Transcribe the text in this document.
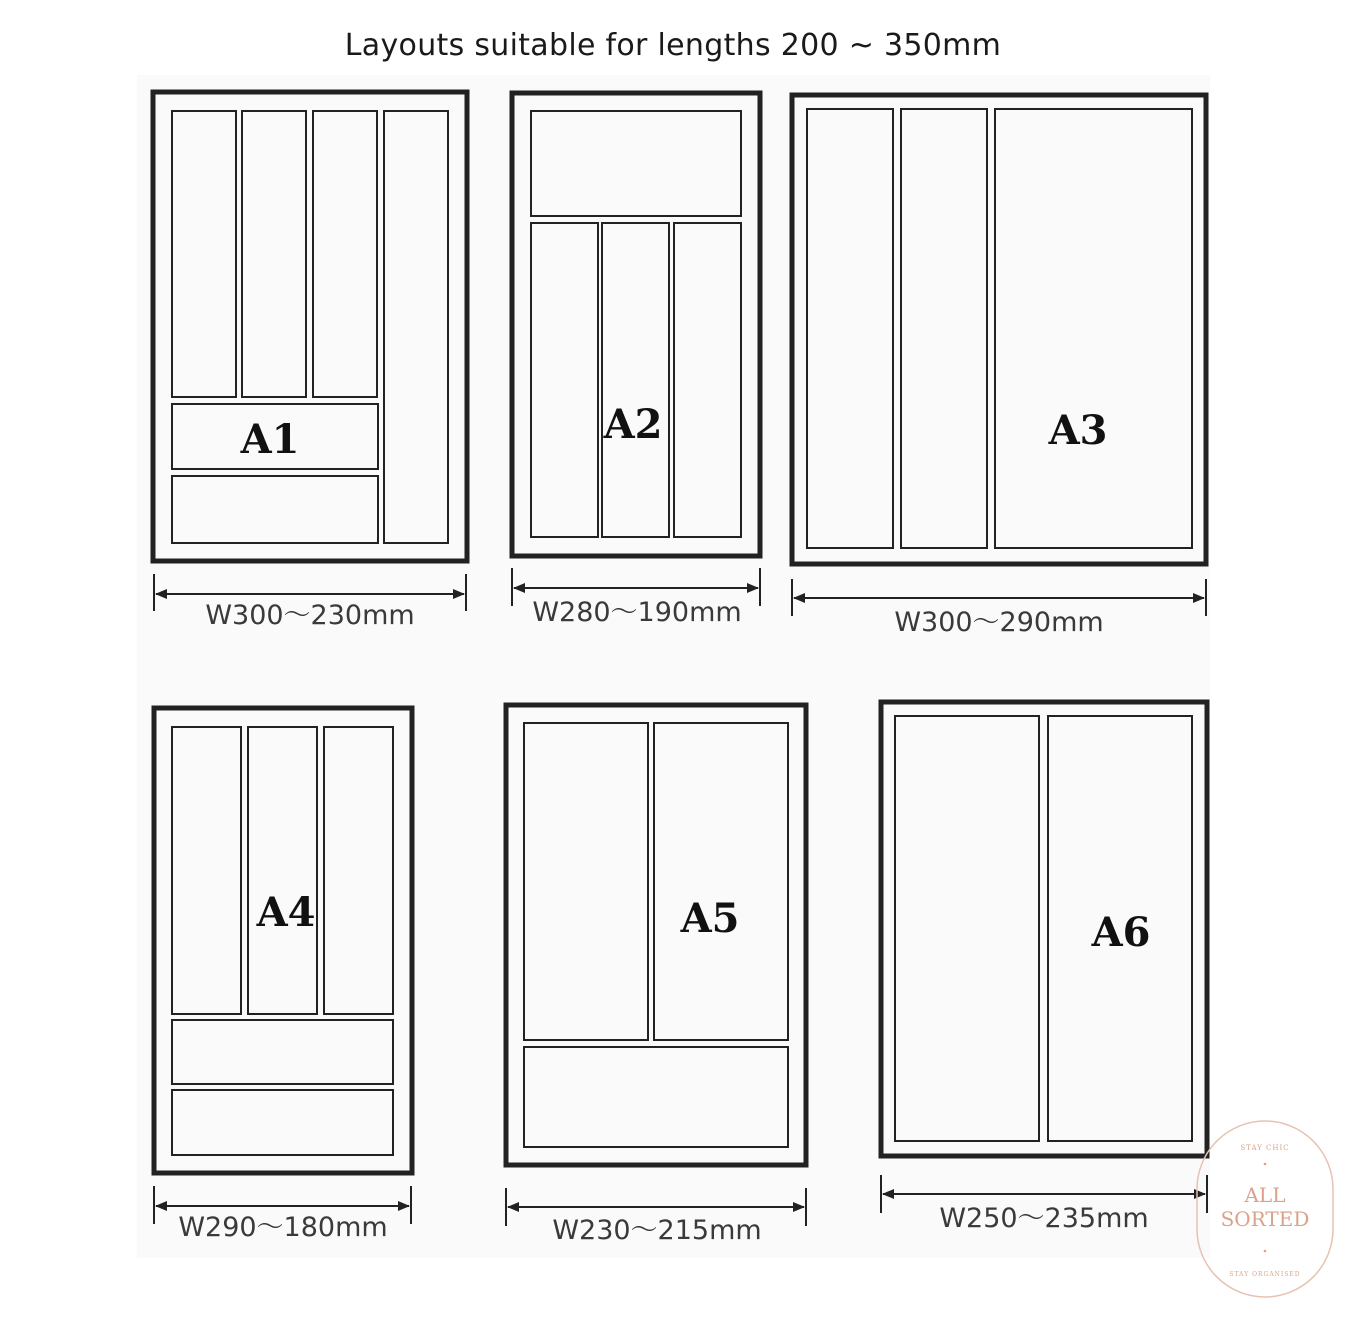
Layouts suitable for lengths 200 ~ 350mm
A1
W300～230mm
A2
W280～190mm
A3
W300～290mm
A4
W290～180mm
A5
W230～215mm
A6
W250～235mm
STAY CHIC
ALL
SORTED
STAY ORGANISED
